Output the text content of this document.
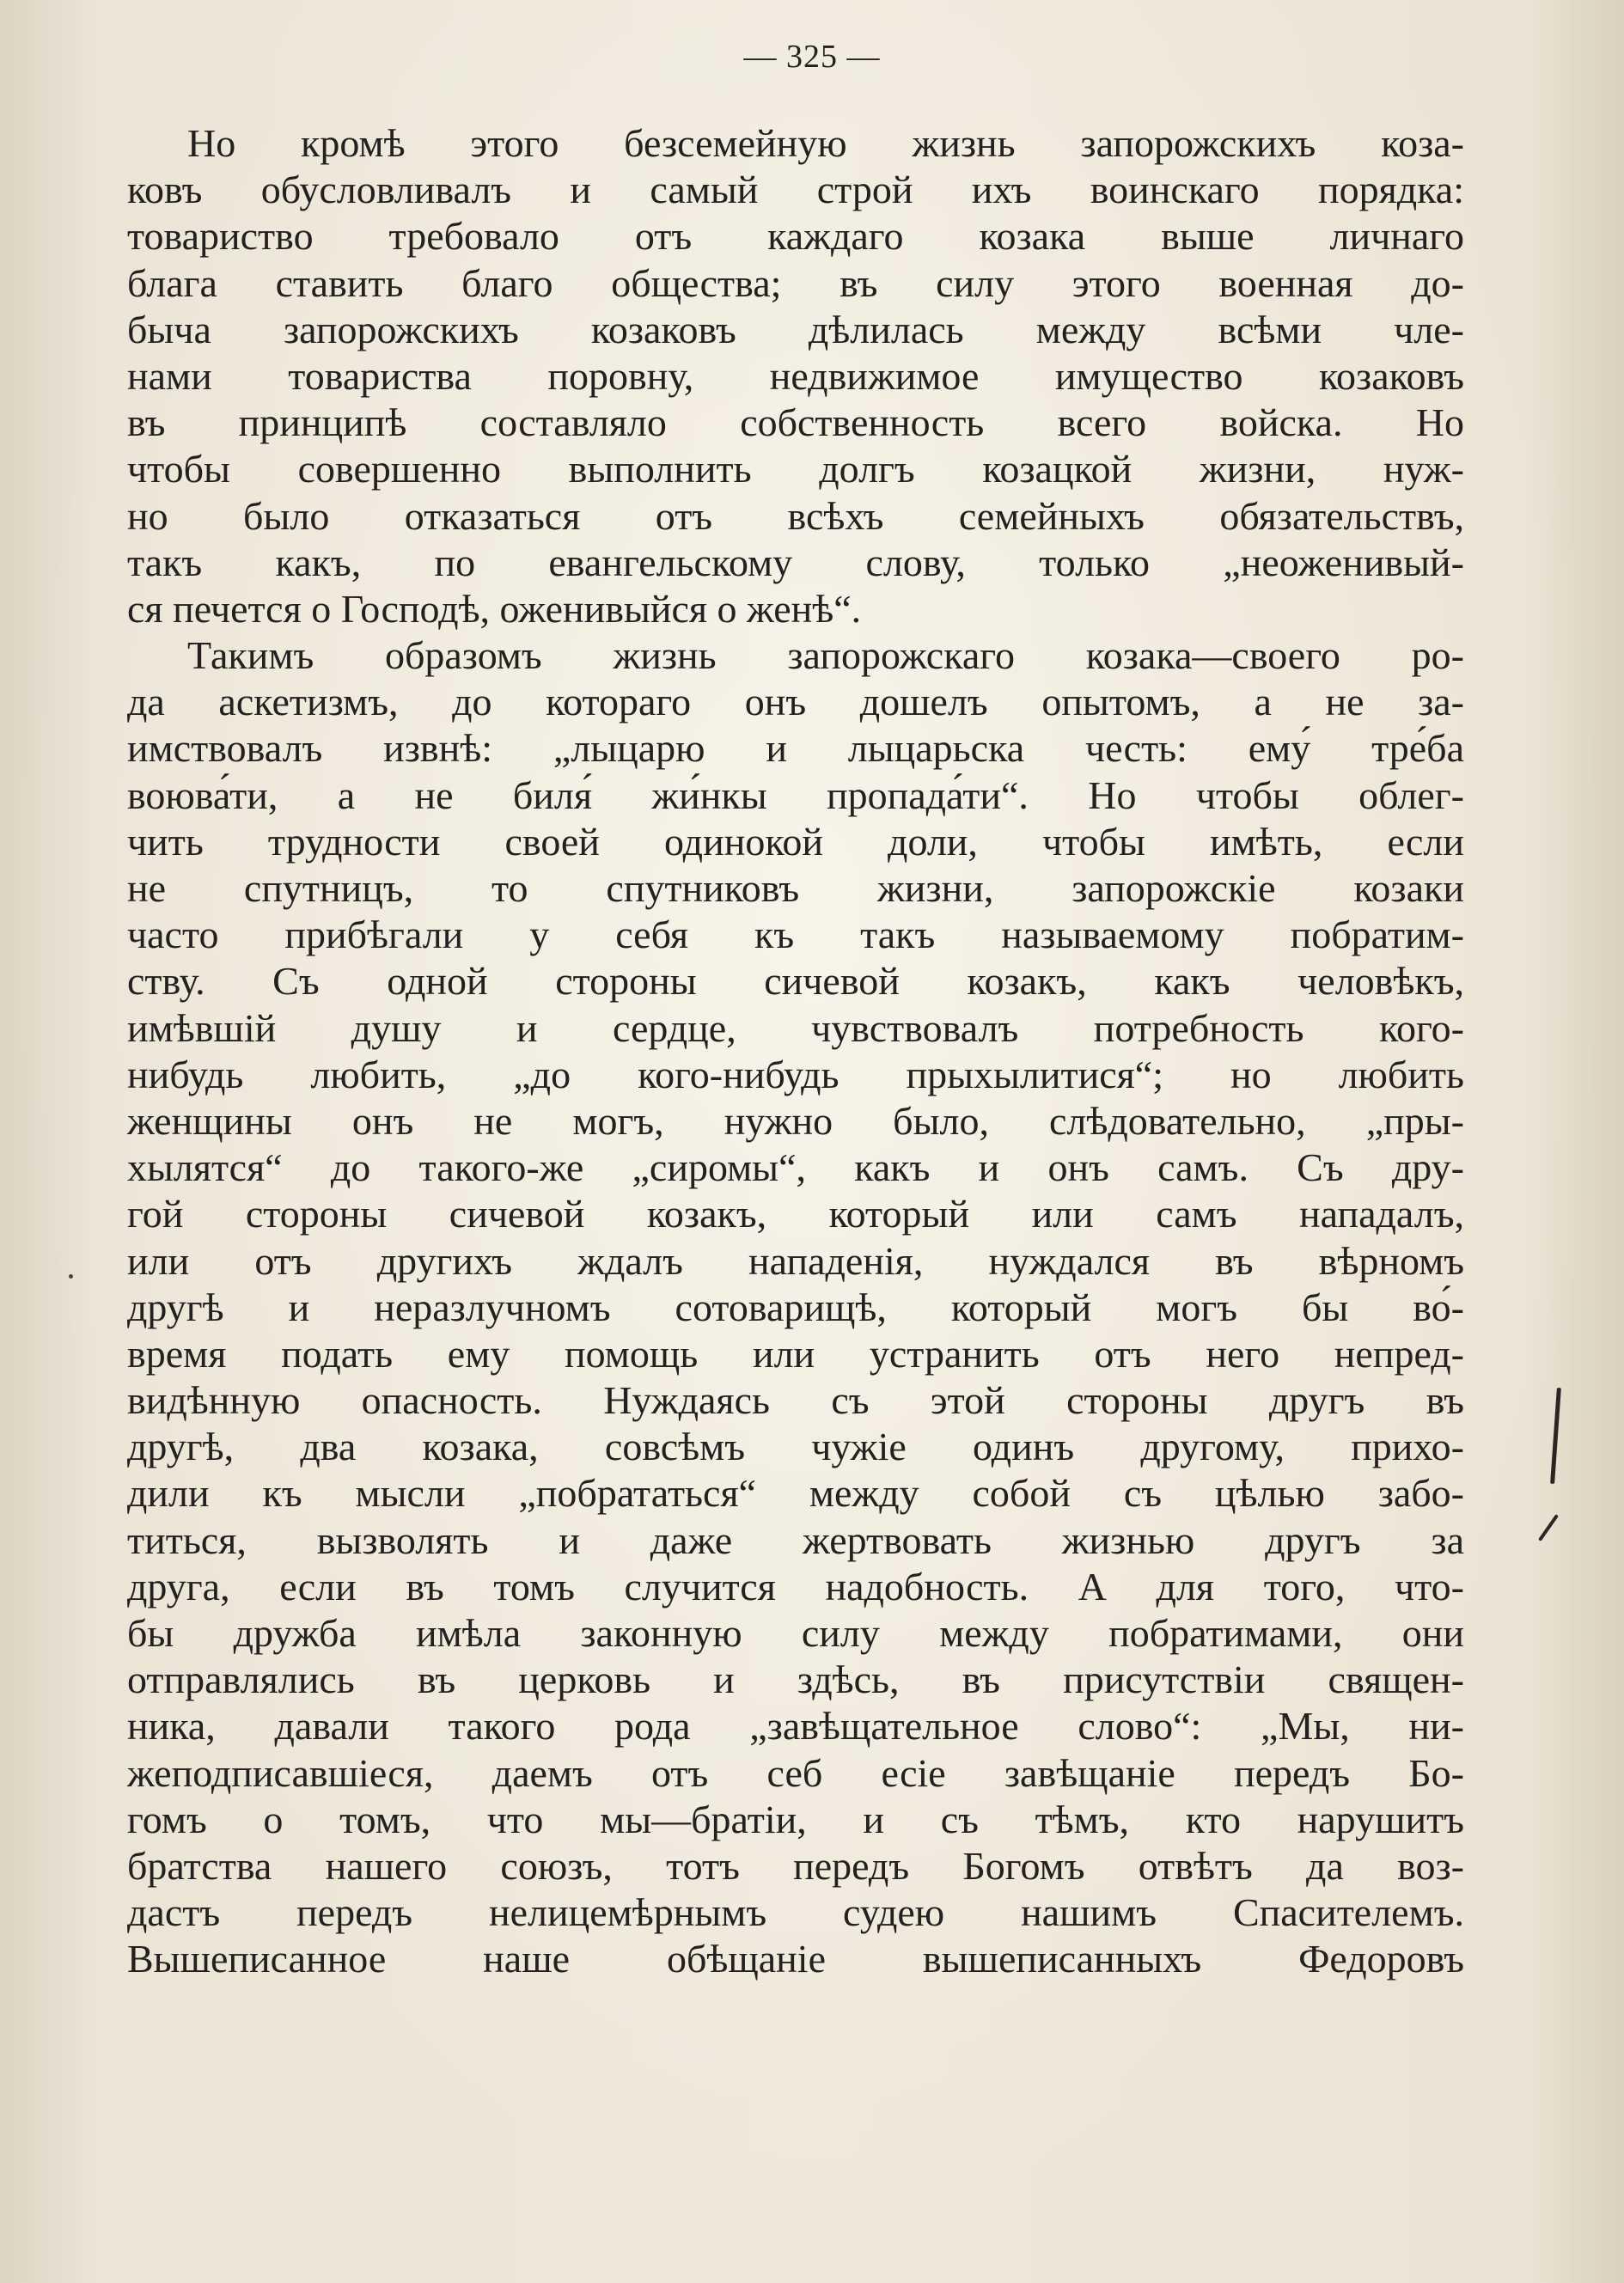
— 325 —
Но кромѣ этого безсемейную жизнь запорожскихъ коза-
ковъ обусловливалъ и самый строй ихъ воинскаго порядка:
товариство требовало отъ каждаго козака выше личнаго
блага ставить благо общества; въ силу этого военная до-
быча запорожскихъ козаковъ дѣлилась между всѣми чле-
нами товариства поровну, недвижимое имущество козаковъ
въ принципѣ составляло собственность всего войска. Но
чтобы совершенно выполнить долгъ козацкой жизни, нуж-
но было отказаться отъ всѣхъ семейныхъ обязательствъ,
такъ какъ, по евангельскому слову, только „неоженивый-
ся печется о Господѣ, оженивыйся о женѣ“.
Такимъ образомъ жизнь запорожскаго козака—своего ро-
да аскетизмъ, до котораго онъ дошелъ опытомъ, а не за-
имствовалъ извнѣ: „лыцарю и лыцарьска честь: ему́ тре́ба
воюва́ти, а не биля́ жи́нкы пропада́ти“. Но чтобы облег-
чить трудности своей одинокой доли, чтобы имѣть, если
не спутницъ, то спутниковъ жизни, запорожскіе козаки
часто прибѣгали у себя къ такъ называемому побратим-
ству. Съ одной стороны сичевой козакъ, какъ человѣкъ,
имѣвшій душу и сердце, чувствовалъ потребность кого-
нибудь любить, „до кого-нибудь прыхылитися“; но любить
женщины онъ не могъ, нужно было, слѣдовательно, „пры-
хылятся“ до такого-же „сиромы“, какъ и онъ самъ. Съ дру-
гой стороны сичевой козакъ, который или самъ нападалъ,
или отъ другихъ ждалъ нападенія, нуждался въ вѣрномъ
другѣ и неразлучномъ сотоварищѣ, который могъ бы во́-
время подать ему помощь или устранить отъ него непред-
видѣнную опасность. Нуждаясь съ этой стороны другъ въ
другѣ, два козака, совсѣмъ чужіе одинъ другому, прихо-
дили къ мысли „побрататься“ между собой съ цѣлью забо-
титься, вызволять и даже жертвовать жизнью другъ за
друга, если въ томъ случится надобность. А для того, что-
бы дружба имѣла законную силу между побратимами, они
отправлялись въ церковь и здѣсь, въ присутствіи священ-
ника, давали такого рода „завѣщательное слово“: „Мы, ни-
жеподписавшіеся, даемъ отъ себ есіе завѣщаніе передъ Бо-
гомъ о томъ, что мы—братіи, и съ тѣмъ, кто нарушитъ
братства нашего союзъ, тотъ передъ Богомъ отвѣтъ да воз-
дастъ передъ нелицемѣрнымъ судею нашимъ Спасителемъ.
Вышеписанное наше обѣщаніе вышеписанныхъ Федоровъ
